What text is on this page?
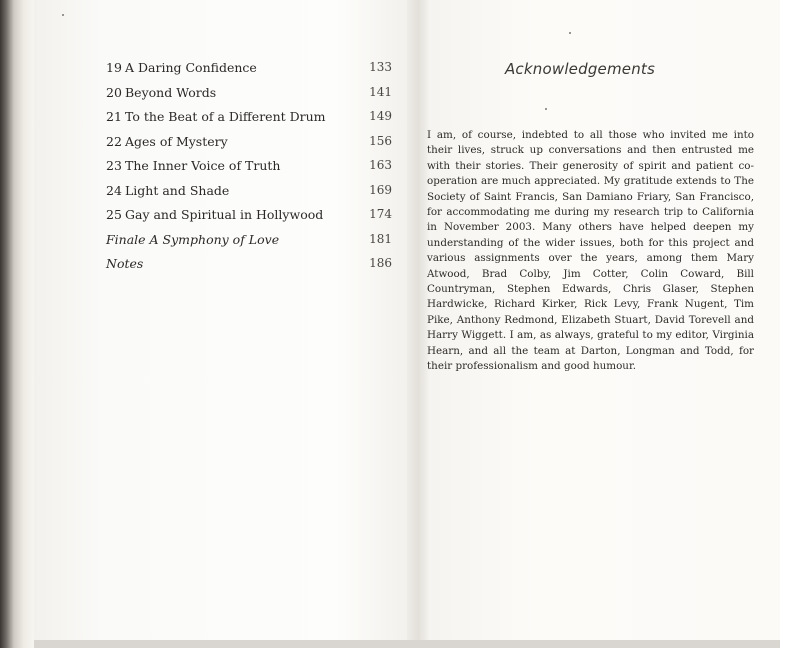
19 A Daring Confidence	133
20 Beyond Words	141
21 To the Beat of a Different Drum	149
22 Ages of Mystery	156
23 The Inner Voice of Truth	163
24 Light and Shade	169
25 Gay and Spiritual in Hollywood	174
Finale A Symphony of Love	181
Notes	186
Acknowledgements
I am, of course, indebted to all those who invited me into their lives, struck up conversations and then entrusted me with their stories. Their generosity of spirit and patient co-operation are much appreciated. My gratitude extends to The Society of Saint Francis, San Damiano Friary, San Francisco, for accommodating me during my research trip to California in November 2003. Many others have helped deepen my understanding of the wider issues, both for this project and various assignments over the years, among them Mary Atwood, Brad Colby, Jim Cotter, Colin Coward, Bill Countryman, Stephen Edwards, Chris Glaser, Stephen Hardwicke, Richard Kirker, Rick Levy, Frank Nugent, Tim Pike, Anthony Redmond, Elizabeth Stuart, David Torevell and Harry Wiggett. I am, as always, grateful to my editor, Virginia Hearn, and all the team at Darton, Longman and Todd, for their professionalism and good humour.
